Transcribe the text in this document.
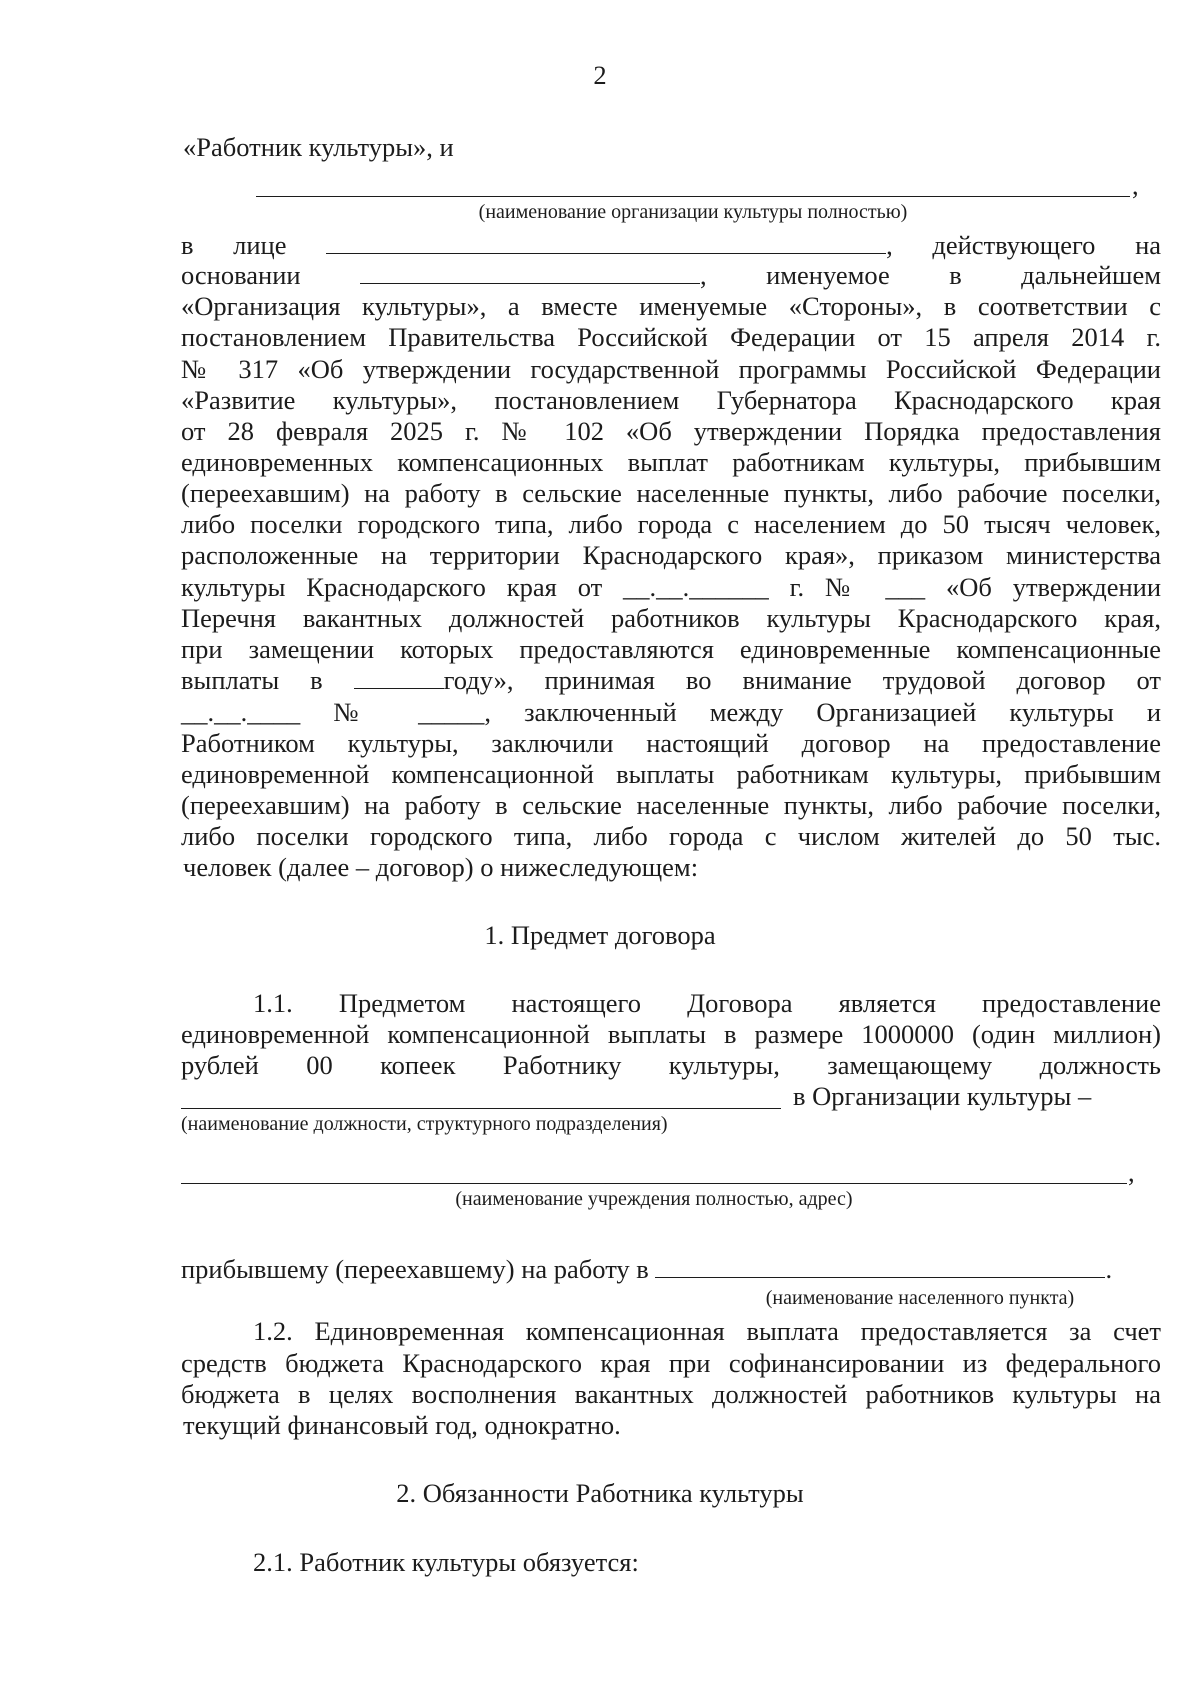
2
«Работник культуры», и
,
(наименование организации культуры полностью)
в лице	, действующего на
основании	, именуемое в дальнейшем
«Организация культуры», а вместе именуемые «Стороны», в соответствии с
постановлением Правительства Российской Федерации от 15 апреля 2014 г.
№ 317 «Об утверждении государственной программы Российской Федерации
«Развитие культуры», постановлением Губернатора Краснодарского края
от 28 февраля 2025 г. № 102 «Об утверждении Порядка предоставления
единовременных компенсационных выплат работникам культуры, прибывшим
(переехавшим) на работу в сельские населенные пункты, либо рабочие поселки,
либо поселки городского типа, либо города с населением до 50 тысяч человек,
расположенные на территории Краснодарского края», приказом министерства
культуры Краснодарского края от __.__.______ г. № ___ «Об утверждении
Перечня вакантных должностей работников культуры Краснодарского края,
при замещении которых предоставляются единовременные компенсационные
выплаты в	году», принимая во внимание трудовой договор от
__.__.____ № _____, заключенный между Организацией культуры и
Работником культуры, заключили настоящий договор на предоставление
единовременной компенсационной выплаты работникам культуры, прибывшим
(переехавшим) на работу в сельские населенные пункты, либо рабочие поселки,
либо поселки городского типа, либо города с числом жителей до 50 тыс.
человек (далее – договор) о нижеследующем:
1. Предмет договора
1.1. Предметом настоящего Договора является предоставление
единовременной компенсационной выплаты в размере 1000000 (один миллион)
рублей 00 копеек Работнику культуры, замещающему должность
в Организации культуры –
(наименование должности, структурного подразделения)
,
(наименование учреждения полностью, адрес)
прибывшему (переехавшему) на работу в	.
(наименование населенного пункта)
1.2. Единовременная компенсационная выплата предоставляется за счет
средств бюджета Краснодарского края при софинансировании из федерального
бюджета в целях восполнения вакантных должностей работников культуры на
текущий финансовый год, однократно.
2. Обязанности Работника культуры
2.1. Работник культуры обязуется:
